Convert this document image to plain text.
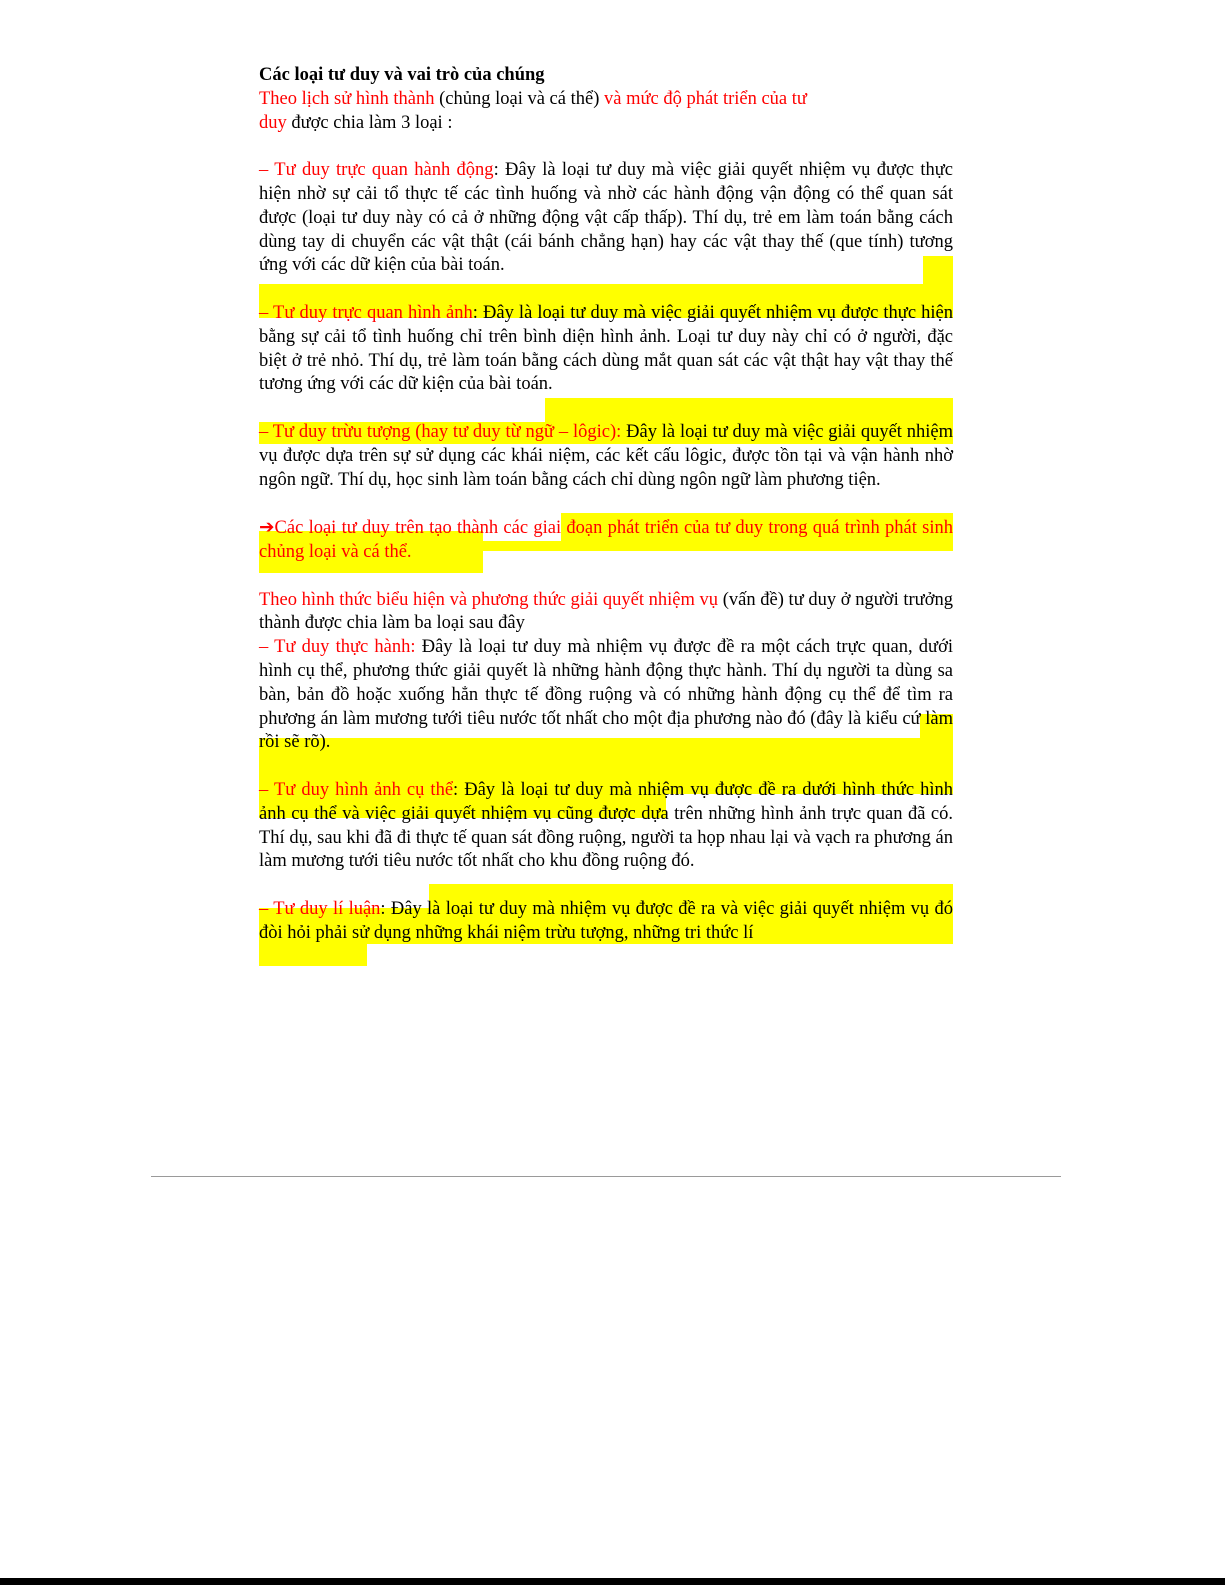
Các loại tư duy và vai trò của chúng

Theo lịch sử hình thành (chủng loại và cá thể) và mức độ phát triển của tư
duy được chia làm 3 loại :

– Tư duy trực quan hành động: Đây là loại tư duy mà việc giải quyết nhiệm vụ được thực hiện nhờ sự cải tổ thực tế các tình huống và nhờ các hành động vận động có thể quan sát được (loại tư duy này có cả ở những động vật cấp thấp). Thí dụ, trẻ em làm toán bằng cách dùng tay di chuyển các vật thật (cái bánh chẳng hạn) hay các vật thay thế (que tính) tương ứng với các dữ kiện của bài toán.

– Tư duy trực quan hình ảnh: Đây là loại tư duy mà việc giải quyết nhiệm vụ được thực hiện bằng sự cải tổ tình huống chỉ trên bình diện hình ảnh. Loại tư duy này chỉ có ở người, đặc biệt ở trẻ nhỏ. Thí dụ, trẻ làm toán bằng cách dùng mắt quan sát các vật thật hay vật thay thế tương ứng với các dữ kiện của bài toán.

– Tư duy trừu tượng (hay tư duy từ ngữ – lôgic): Đây là loại tư duy mà việc giải quyết nhiệm vụ được dựa trên sự sử dụng các khái niệm, các kết cấu lôgic, được tồn tại và vận hành nhờ ngôn ngữ. Thí dụ, học sinh làm toán bằng cách chỉ dùng ngôn ngữ làm phương tiện.

➔Các loại tư duy trên tạo thành các giai đoạn phát triển của tư duy trong quá trình phát sinh chủng loại và cá thể.

Theo hình thức biểu hiện và phương thức giải quyết nhiệm vụ (vấn đề) tư duy ở người trưởng thành được chia làm ba loại sau đây

– Tư duy thực hành: Đây là loại tư duy mà nhiệm vụ được đề ra một cách trực quan, dưới hình cụ thể, phương thức giải quyết là những hành động thực hành. Thí dụ người ta dùng sa bàn, bản đồ hoặc xuống hẳn thực tế đồng ruộng và có những hành động cụ thể để tìm ra phương án làm mương tưới tiêu nước tốt nhất cho một địa phương nào đó (đây là kiểu cứ làm rồi sẽ rõ).

– Tư duy hình ảnh cụ thể: Đây là loại tư duy mà nhiệm vụ được đề ra dưới hình thức hình ảnh cụ thể và việc giải quyết nhiệm vụ cũng được dựa trên những hình ảnh trực quan đã có. Thí dụ, sau khi đã đi thực tế quan sát đồng ruộng, người ta họp nhau lại và vạch ra phương án làm mương tưới tiêu nước tốt nhất cho khu đồng ruộng đó.

– Tư duy lí luận: Đây là loại tư duy mà nhiệm vụ được đề ra và việc giải quyết nhiệm vụ đó đòi hỏi phải sử dụng những khái niệm trừu tượng, những tri thức lí
